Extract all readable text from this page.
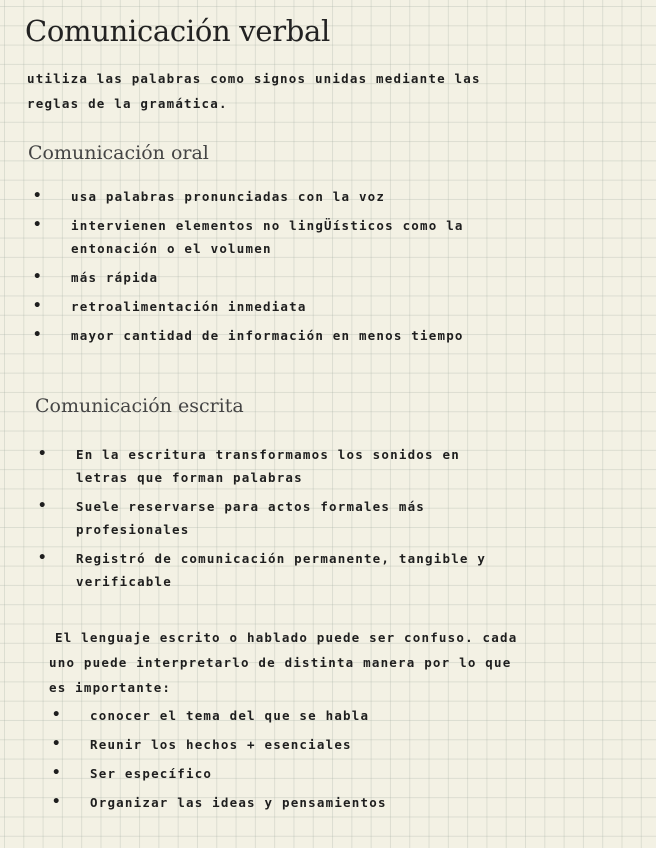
Comunicación verbal
utiliza las palabras como signos unidas mediante las
reglas de la gramática.
Comunicación oral
• usa palabras pronunciadas con la voz
• intervienen elementos no lingÜísticos como la
entonación o el volumen
• más rápida
• retroalimentación inmediata
• mayor cantidad de información en menos tiempo
Comunicación escrita
• En la escritura transformamos los sonidos en
letras que forman palabras
• Suele reservarse para actos formales más
profesionales
• Registró de comunicación permanente, tangible y
verificable
El lenguaje escrito o hablado puede ser confuso. cada
uno puede interpretarlo de distinta manera por lo que
es importante:
• conocer el tema del que se habla
• Reunir los hechos + esenciales
• Ser específico
• Organizar las ideas y pensamientos
